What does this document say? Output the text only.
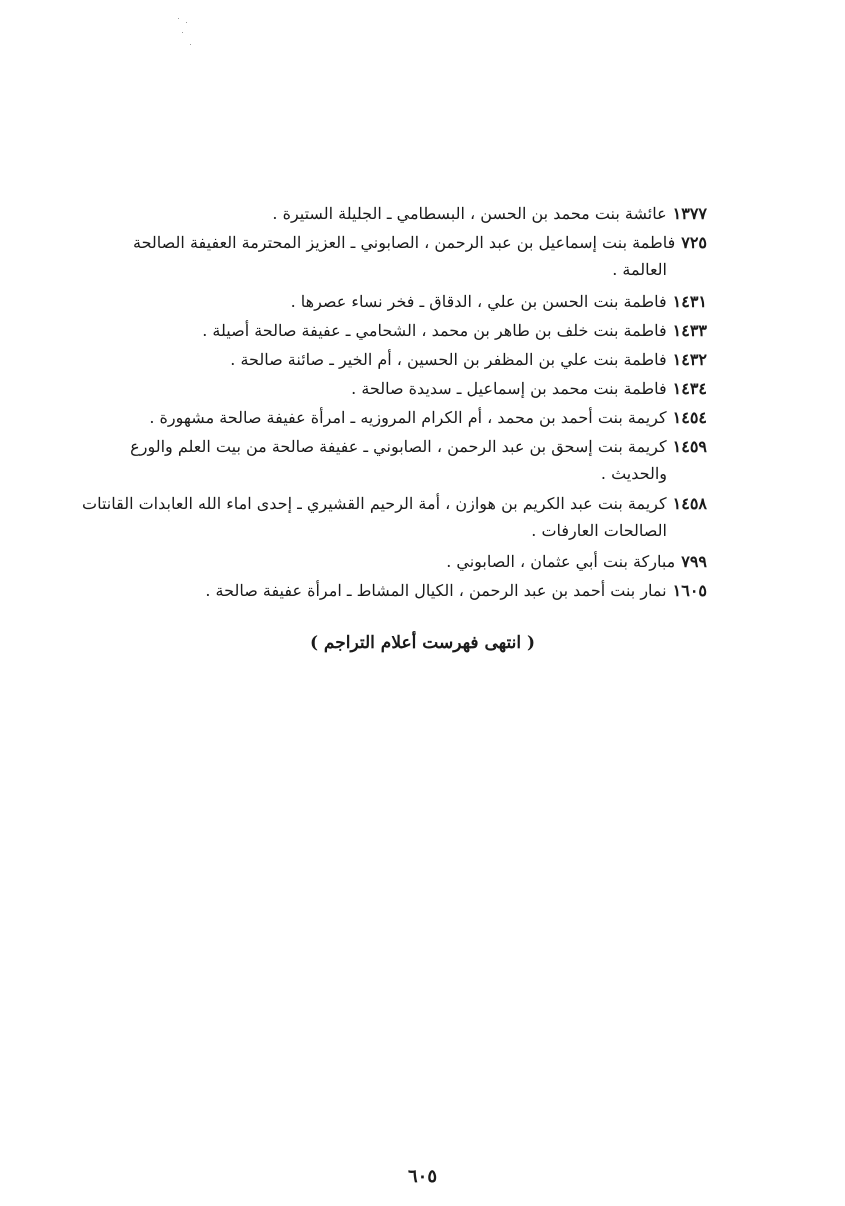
١٣٧٧عائشة بنت محمد بن الحسن ، البسطامي ـ الجليلة الستيرة .
٧٢٥فاطمة بنت إسماعيل بن عبد الرحمن ، الصابوني ـ العزيز المحترمة العفيفة الصالحة
العالمة .
١٤٣١فاطمة بنت الحسن بن علي ، الدقاق ـ فخر نساء عصرها .
١٤٣٣فاطمة بنت خلف بن طاهر بن محمد ، الشحامي ـ عفيفة صالحة أصيلة .
١٤٣٢فاطمة بنت علي بن المظفر بن الحسين ، أم الخير ـ صائنة صالحة .
١٤٣٤فاطمة بنت محمد بن إسماعيل ـ سديدة صالحة .
١٤٥٤كريمة بنت أحمد بن محمد ، أم الكرام المروزيه ـ امرأة عفيفة صالحة مشهورة .
١٤٥٩كريمة بنت إسحق بن عبد الرحمن ، الصابوني ـ عفيفة صالحة من بيت العلم والورع
والحديث .
١٤٥٨كريمة بنت عبد الكريم بن هوازن ، أمة الرحيم القشيري ـ إحدى اماء الله العابدات القانتات
الصالحات العارفات .
٧٩٩مباركة بنت أبي عثمان ، الصابوني .
١٦٠٥نمار بنت أحمد بن عبد الرحمن ، الكيال المشاط ـ امرأة عفيفة صالحة .
( انتهى فهرست أعلام التراجم )
٦٠٥
